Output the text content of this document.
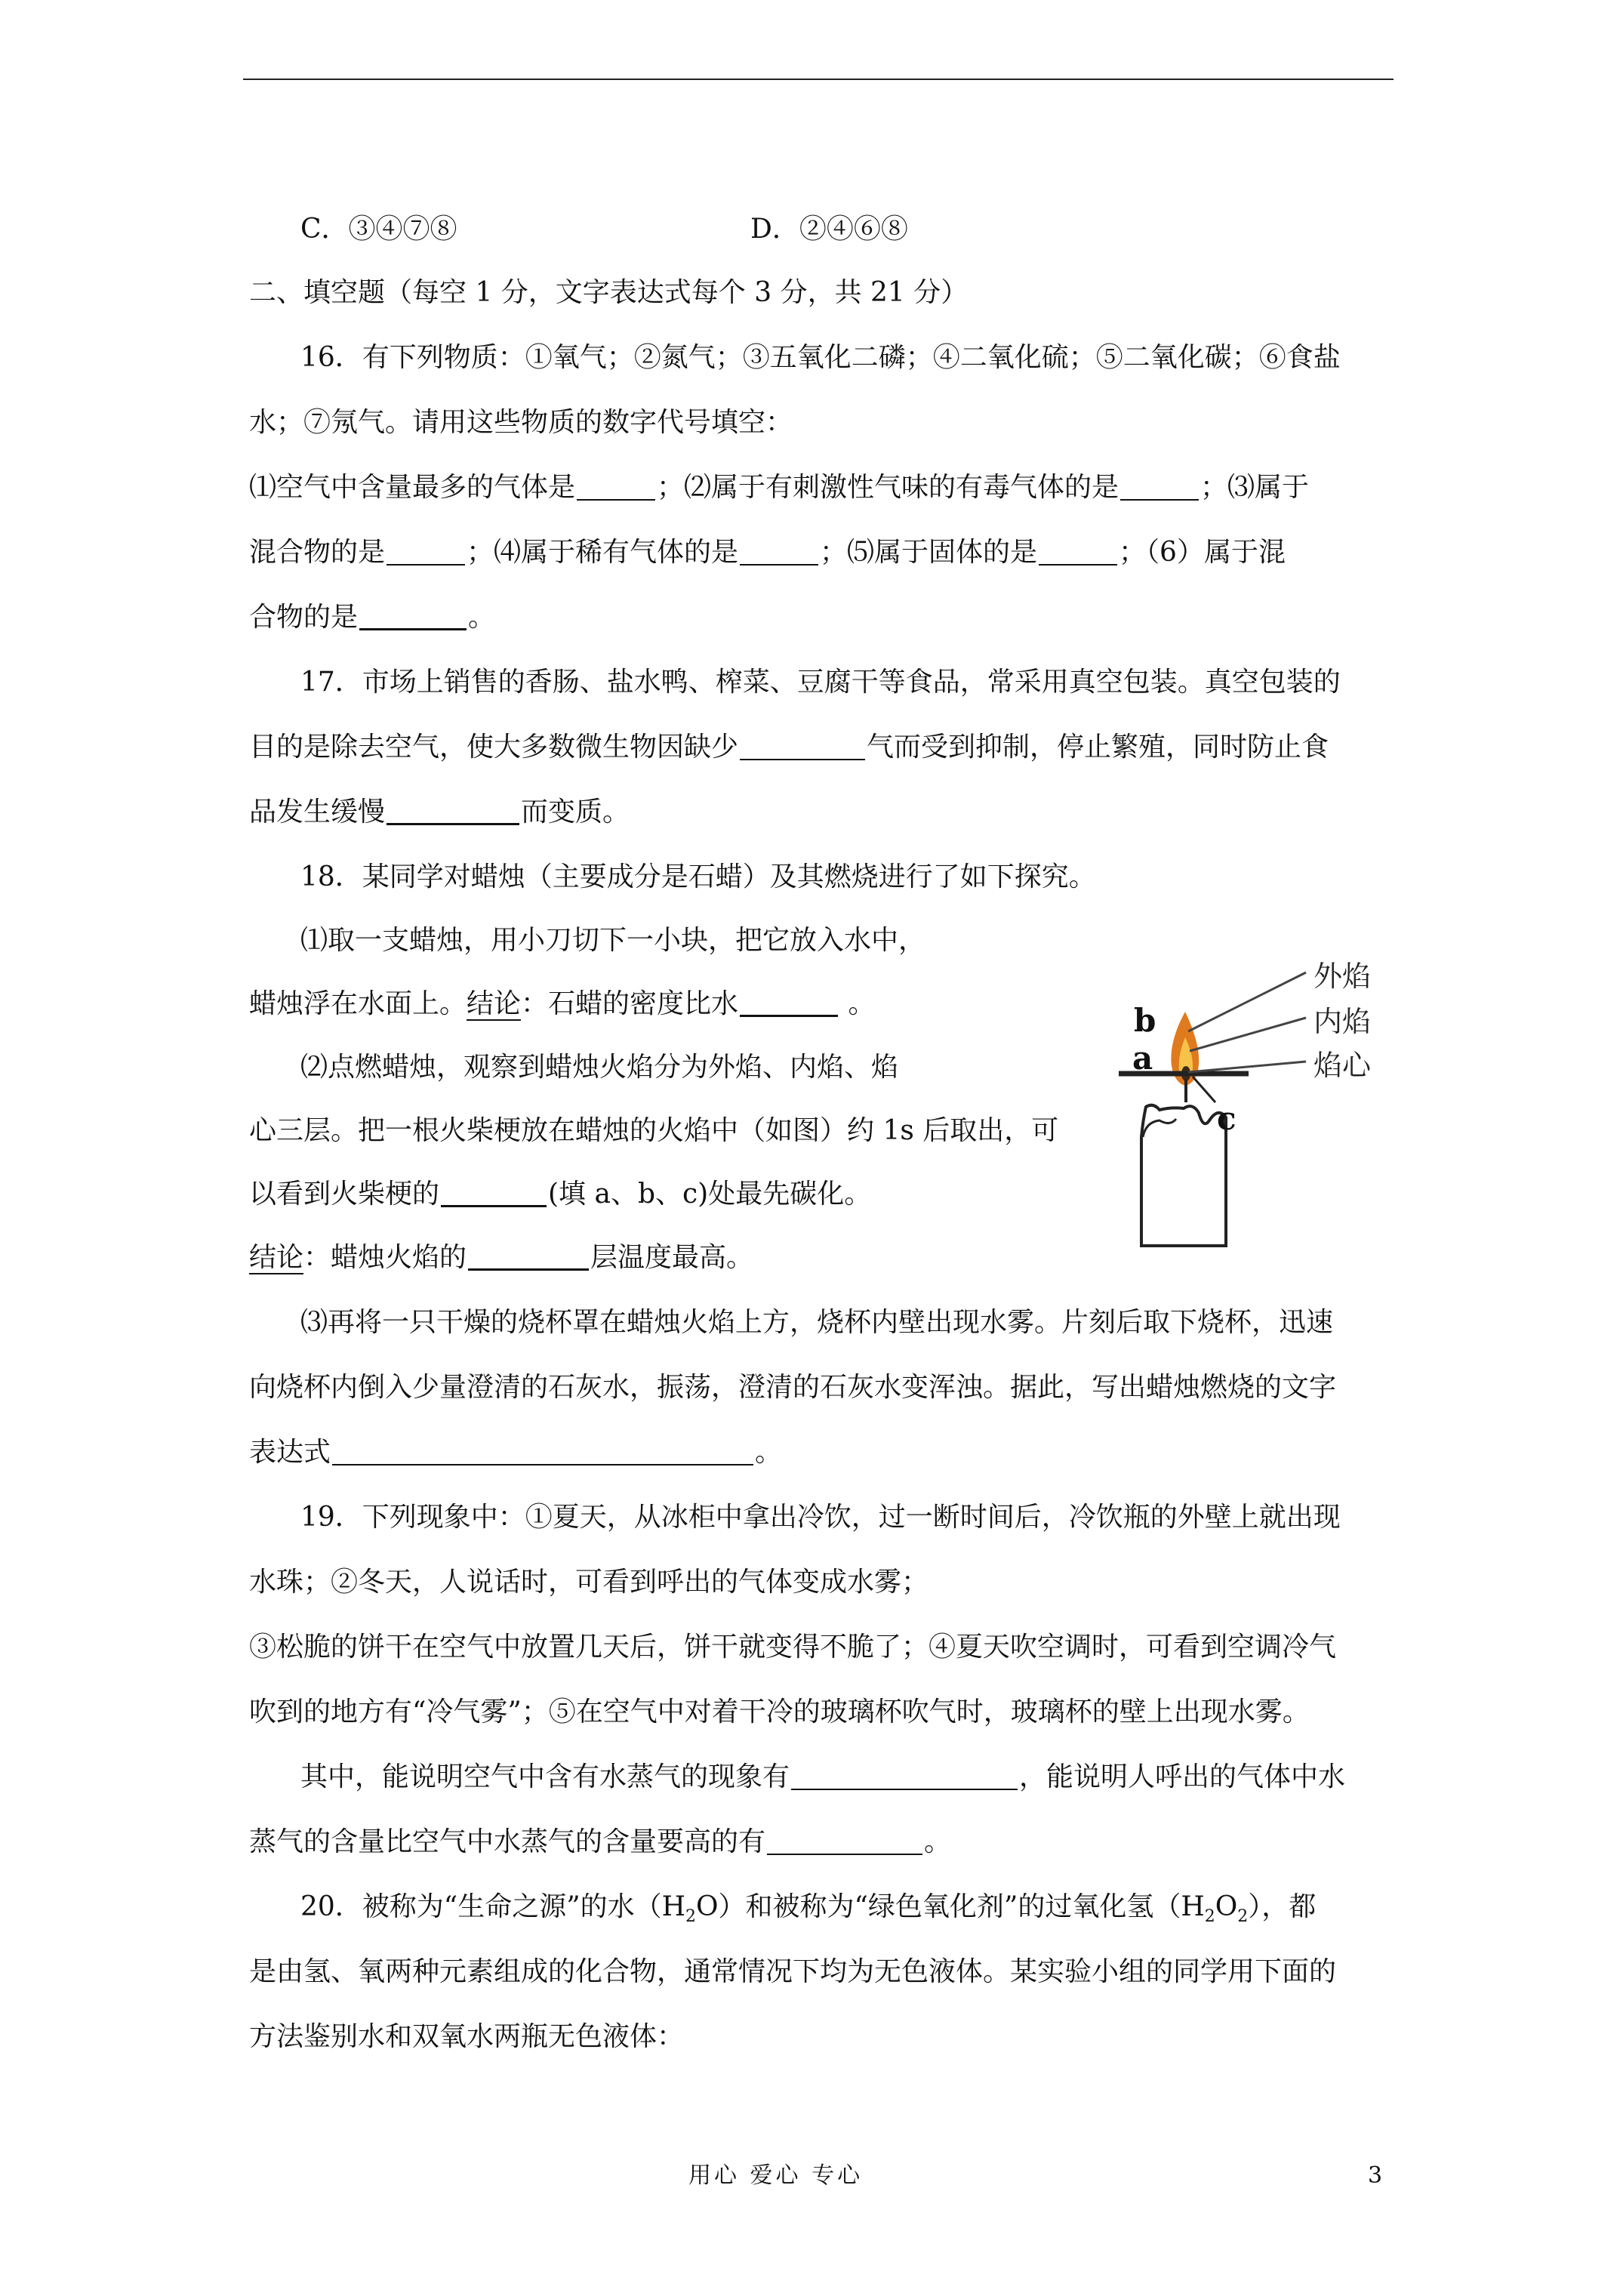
C．③④⑦⑧	D．②④⑥⑧
二、填空题（每空 1 分，文字表达式每个 3 分，共 21 分）
16．有下列物质：①氧气；②氮气；③五氧化二磷；④二氧化硫；⑤二氧化碳；⑥食盐
水；⑦氖气。请用这些物质的数字代号填空：
⑴空气中含量最多的气体是	；⑵属于有刺激性气味的有毒气体的是	；⑶属于
混合物的是	；⑷属于稀有气体的是	；⑸属于固体的是	；（6）属于混
合物的是	。
17．市场上销售的香肠、盐水鸭、榨菜、豆腐干等食品，常采用真空包装。真空包装的
目的是除去空气，使大多数微生物因缺少	气而受到抑制，停止繁殖，同时防止食
品发生缓慢	而变质。
18．某同学对蜡烛（主要成分是石蜡）及其燃烧进行了如下探究。
⑴取一支蜡烛，用小刀切下一小块，把它放入水中，
蜡烛浮在水面上。结论：石蜡的密度比水	。
⑵点燃蜡烛，观察到蜡烛火焰分为外焰、内焰、焰
心三层。把一根火柴梗放在蜡烛的火焰中（如图）约 1s 后取出，可
以看到火柴梗的	(填 a、b、c)处最先碳化。
结论：蜡烛火焰的	层温度最高。
⑶再将一只干燥的烧杯罩在蜡烛火焰上方，烧杯内壁出现水雾。片刻后取下烧杯，迅速
向烧杯内倒入少量澄清的石灰水，振荡，澄清的石灰水变浑浊。据此，写出蜡烛燃烧的文字
表达式	。
外焰
内焰
焰心
a
b
c
19．下列现象中：①夏天，从冰柜中拿出冷饮，过一断时间后，冷饮瓶的外壁上就出现
水珠；②冬天，人说话时，可看到呼出的气体变成水雾；
③松脆的饼干在空气中放置几天后，饼干就变得不脆了；④夏天吹空调时，可看到空调冷气
吹到的地方有“冷气雾”；⑤在空气中对着干冷的玻璃杯吹气时，玻璃杯的壁上出现水雾。
其中，能说明空气中含有水蒸气的现象有	，能说明人呼出的气体中水
蒸气的含量比空气中水蒸气的含量要高的有	。
20．被称为“生命之源”的水$(H_2O)$和被称为“绿色氧化剂”的过氧化氢$(H_2O_2)$，都
是由氢、氧两种元素组成的化合物，通常情况下均为无色液体。某实验小组的同学用下面的
方法鉴别水和双氧水两瓶无色液体：
用心 爱心 专心	3
